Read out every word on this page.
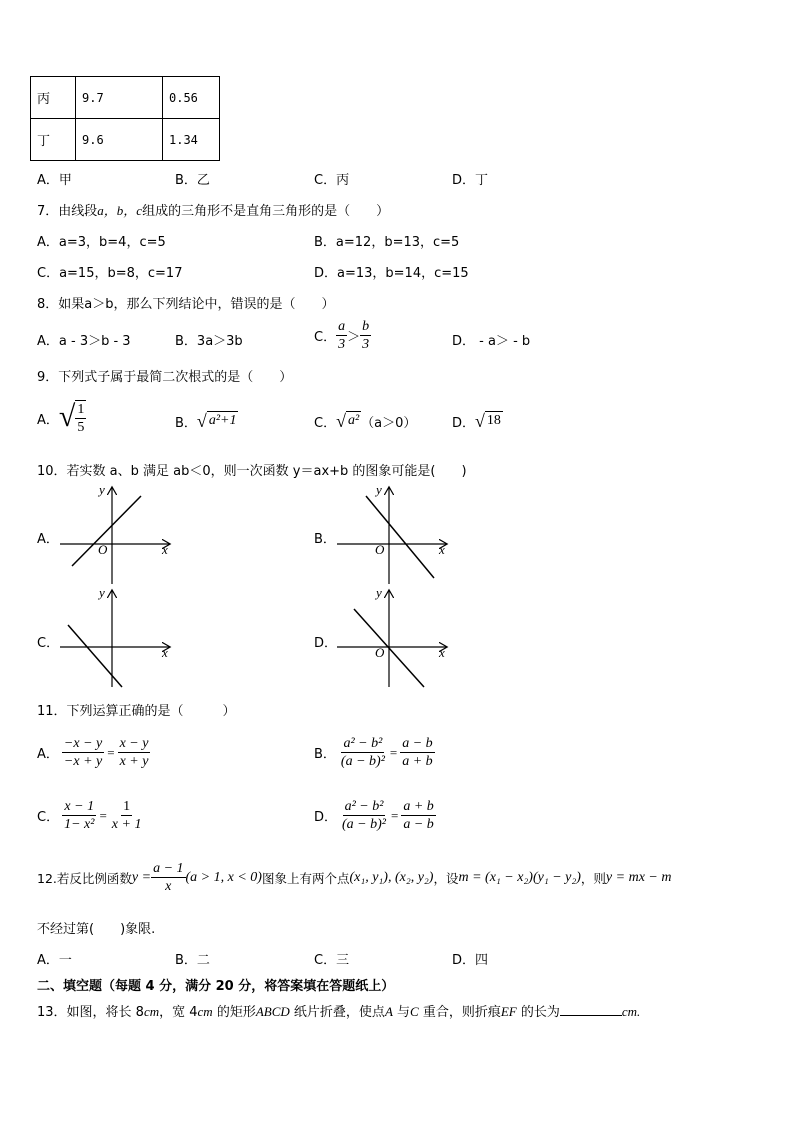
丙	9.7	0.56
丁	9.6	1.34
A．甲	B．乙	C．丙	D．丁
7．由线段a，b，c组成的三角形不是直角三角形的是（　　）
A．a=3，b=4，c=5	B．a=12，b=13，c=5
C．a=15，b=8，c=17	D．a=13，b=14，c=15
8．如果a＞b，那么下列结论中，错误的是（　　）
A．a - 3＞b - 3	B．3a＞3b	C． $\frac{a}{3} > \frac{b}{3}$	D． - a＞ - b
9．下列式子属于最简二次根式的是（　　）
A． √ $\frac{1}{5}$	B． √ a²+1	C． √ a² （a＞0）	D． √ 18
10．若实数 a、b 满足 ab＜0，则一次函数 y＝ax+b 的图象可能是(　　)
A．
y
x
O
B．
y
x
O
C．
y
x
D．
y
x
O
11．下列运算正确的是（　　　）
A． $\frac{-x - y}{-x + y} = \frac{x - y}{x + y}$	B． $\frac{\text{a² − b²}}{\text{(a − b)²}} = \frac{a - b}{a + b}$
C． $\frac{x - 1}{\text{1− x²}} = \frac{1}{x + 1}$	D． $\frac{\text{a² − b²}}{\text{(a − b)²}} = \frac{a + b}{a - b}$
12.若反比例函数 $y = \frac{a - 1}{x} (a > 1$, x < 0) 图象上有两个点 (x₁, y₁), (x₂, y₂) ，设 m = (x₁ − x₂)(y₁ − y₂) ，则 y = mx − m
不经过第(　　)象限.
A．一	B．二	C．三	D．四
二、填空题（每题 4 分，满分 20 分，将答案填在答题纸上）
13．如图，将长 8cm，宽 4cm 的矩形ABCD 纸片折叠，使点A 与C 重合，则折痕EF 的长为	cm.
